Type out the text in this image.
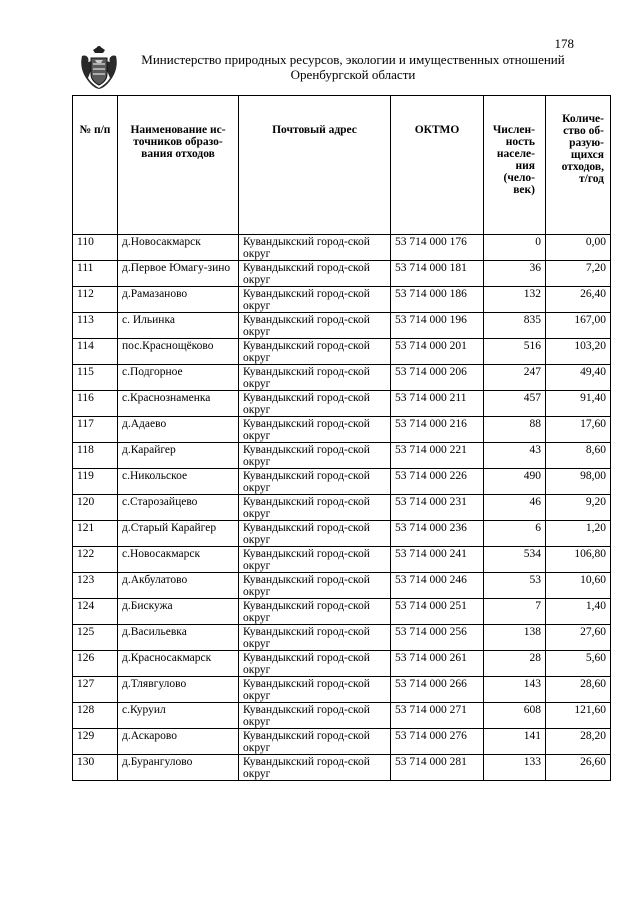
178
Министерство природных ресурсов, экологии и имущественных отношений
Оренбургской области
№ п/п	Наименование ис-точников образо-вания отходов	Почтовый адрес	ОКТМО	Числен-ность населе-ния (чело-век)	Количе-ство об-разую-щихся отходов, т/год
110	д.Новосакмарск	Кувандыкский город-ской округ	53 714 000 176	0	0,00
111	д.Первое Юмагу-зино	Кувандыкский город-ской округ	53 714 000 181	36	7,20
112	д.Рамазаново	Кувандыкский город-ской округ	53 714 000 186	132	26,40
113	с. Ильинка	Кувандыкский город-ской округ	53 714 000 196	835	167,00
114	пос.Краснощёково	Кувандыкский город-ской округ	53 714 000 201	516	103,20
115	с.Подгорное	Кувандыкский город-ской округ	53 714 000 206	247	49,40
116	с.Краснознаменка	Кувандыкский город-ской округ	53 714 000 211	457	91,40
117	д.Адаево	Кувандыкский город-ской округ	53 714 000 216	88	17,60
118	д.Карайгер	Кувандыкский город-ской округ	53 714 000 221	43	8,60
119	с.Никольское	Кувандыкский город-ской округ	53 714 000 226	490	98,00
120	с.Старозайцево	Кувандыкский город-ской округ	53 714 000 231	46	9,20
121	д.Старый Карайгер	Кувандыкский город-ской округ	53 714 000 236	6	1,20
122	с.Новосакмарск	Кувандыкский город-ской округ	53 714 000 241	534	106,80
123	д.Акбулатово	Кувандыкский город-ской округ	53 714 000 246	53	10,60
124	д.Бискужа	Кувандыкский город-ской округ	53 714 000 251	7	1,40
125	д.Васильевка	Кувандыкский город-ской округ	53 714 000 256	138	27,60
126	д.Красносакмарск	Кувандыкский город-ской округ	53 714 000 261	28	5,60
127	д.Тлявгулово	Кувандыкский город-ской округ	53 714 000 266	143	28,60
128	с.Куруил	Кувандыкский город-ской округ	53 714 000 271	608	121,60
129	д.Аскарово	Кувандыкский город-ской округ	53 714 000 276	141	28,20
130	д.Бурангулово	Кувандыкский город-ской округ	53 714 000 281	133	26,60
